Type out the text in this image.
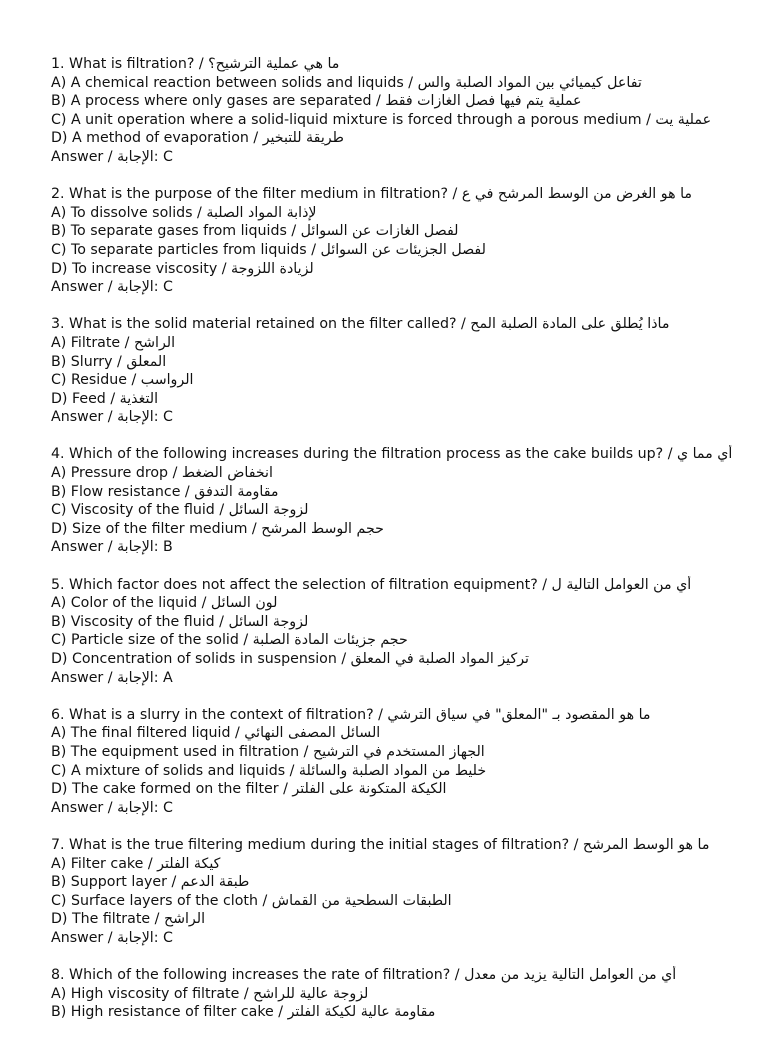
1. What is filtration? / ما هي عملية الترشيح؟
A) A chemical reaction between solids and liquids / تفاعل كيميائي بين المواد الصلبة والس
B) A process where only gases are separated / عملية يتم فيها فصل الغازات فقط
C) A unit operation where a solid-liquid mixture is forced through a porous medium / عملية يت
D) A method of evaporation / طريقة للتبخير
Answer / الإجابة: C
2. What is the purpose of the filter medium in filtration? / ما هو الغرض من الوسط المرشح في ع
A) To dissolve solids / لإذابة المواد الصلبة
B) To separate gases from liquids / لفصل الغازات عن السوائل
C) To separate particles from liquids / لفصل الجزيئات عن السوائل
D) To increase viscosity / لزيادة اللزوجة
Answer / الإجابة: C
3. What is the solid material retained on the filter called? / ماذا يُطلق على المادة الصلبة المح
A) Filtrate / الراشح
B) Slurry / المعلق
C) Residue / الرواسب
D) Feed / التغذية
Answer / الإجابة: C
4. Which of the following increases during the filtration process as the cake builds up? / أي مما ي
A) Pressure drop / انخفاض الضغط
B) Flow resistance / مقاومة التدفق
C) Viscosity of the fluid / لزوجة السائل
D) Size of the filter medium / حجم الوسط المرشح
Answer / الإجابة: B
5. Which factor does not affect the selection of filtration equipment? / أي من العوامل التالية ل
A) Color of the liquid / لون السائل
B) Viscosity of the fluid / لزوجة السائل
C) Particle size of the solid / حجم جزيئات المادة الصلبة
D) Concentration of solids in suspension / تركيز المواد الصلبة في المعلق
Answer / الإجابة: A
6. What is a slurry in the context of filtration? / ما هو المقصود بـ "المعلق" في سياق الترشي
A) The final filtered liquid / السائل المصفى النهائي
B) The equipment used in filtration / الجهاز المستخدم في الترشيح
C) A mixture of solids and liquids / خليط من المواد الصلبة والسائلة
D) The cake formed on the filter / الكيكة المتكونة على الفلتر
Answer / الإجابة: C
7. What is the true filtering medium during the initial stages of filtration? / ما هو الوسط المرشح
A) Filter cake / كيكة الفلتر
B) Support layer / طبقة الدعم
C) Surface layers of the cloth / الطبقات السطحية من القماش
D) The filtrate / الراشح
Answer / الإجابة: C
8. Which of the following increases the rate of filtration? / أي من العوامل التالية يزيد من معدل
A) High viscosity of filtrate / لزوجة عالية للراشح
B) High resistance of filter cake / مقاومة عالية لكيكة الفلتر
